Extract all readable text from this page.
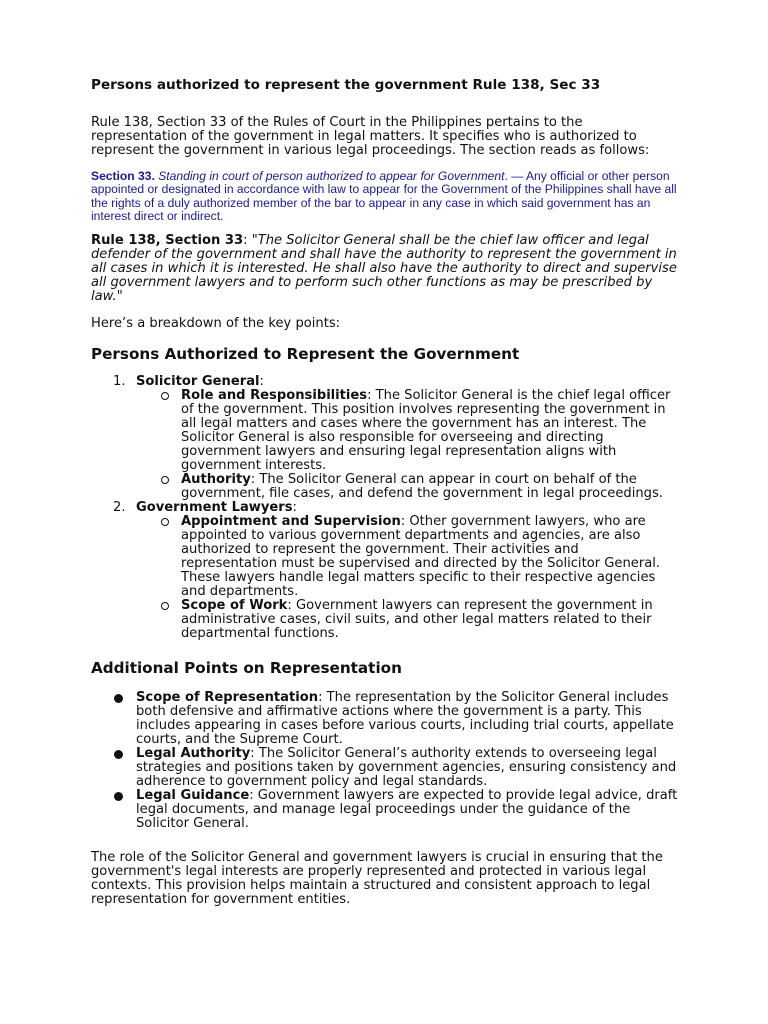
Persons authorized to represent the government Rule 138, Sec 33

Rule 138, Section 33 of the Rules of Court in the Philippines pertains to the representation of the government in legal matters. It specifies who is authorized to represent the government in various legal proceedings. The section reads as follows:

Section 33. Standing in court of person authorized to appear for Government. — Any official or other person appointed or designated in accordance with law to appear for the Government of the Philippines shall have all the rights of a duly authorized member of the bar to appear in any case in which said government has an interest direct or indirect.

Rule 138, Section 33: "The Solicitor General shall be the chief law officer and legal defender of the government and shall have the authority to represent the government in all cases in which it is interested. He shall also have the authority to direct and supervise all government lawyers and to perform such other functions as may be prescribed by law."

Here’s a breakdown of the key points:

Persons Authorized to Represent the Government

1. Solicitor General:
Role and Responsibilities: The Solicitor General is the chief legal officer of the government. This position involves representing the government in all legal matters and cases where the government has an interest. The Solicitor General is also responsible for overseeing and directing government lawyers and ensuring legal representation aligns with government interests.
Authority: The Solicitor General can appear in court on behalf of the government, file cases, and defend the government in legal proceedings.
2. Government Lawyers:
Appointment and Supervision: Other government lawyers, who are appointed to various government departments and agencies, are also authorized to represent the government. Their activities and representation must be supervised and directed by the Solicitor General. These lawyers handle legal matters specific to their respective agencies and departments.
Scope of Work: Government lawyers can represent the government in administrative cases, civil suits, and other legal matters related to their departmental functions.

Additional Points on Representation

Scope of Representation: The representation by the Solicitor General includes both defensive and affirmative actions where the government is a party. This includes appearing in cases before various courts, including trial courts, appellate courts, and the Supreme Court.
Legal Authority: The Solicitor General’s authority extends to overseeing legal strategies and positions taken by government agencies, ensuring consistency and adherence to government policy and legal standards.
Legal Guidance: Government lawyers are expected to provide legal advice, draft legal documents, and manage legal proceedings under the guidance of the Solicitor General.

The role of the Solicitor General and government lawyers is crucial in ensuring that the government's legal interests are properly represented and protected in various legal contexts. This provision helps maintain a structured and consistent approach to legal representation for government entities.
